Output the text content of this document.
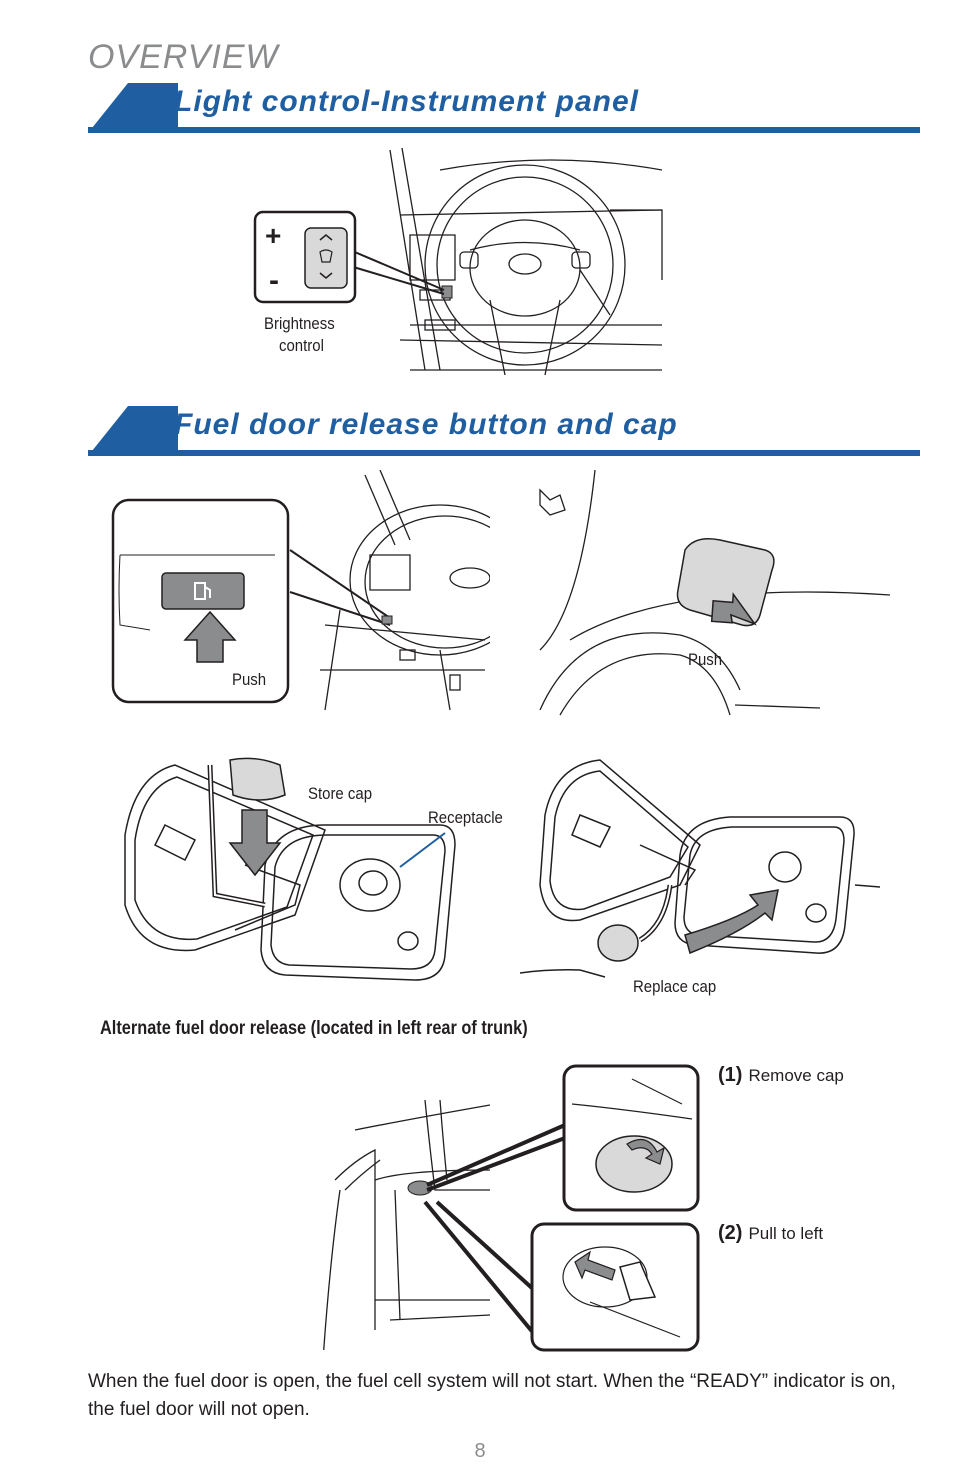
OVERVIEW
Light control-Instrument panel
+
-
Brightness
control
Fuel door release button and cap
Push
Push
Store cap
Receptacle
Replace cap
Alternate fuel door release (located in left rear of trunk)
(1) Remove cap
(2) Pull to left
When the fuel door is open, the fuel cell system will not start. When the “READY” indicator is on, the fuel door will not open.
8
